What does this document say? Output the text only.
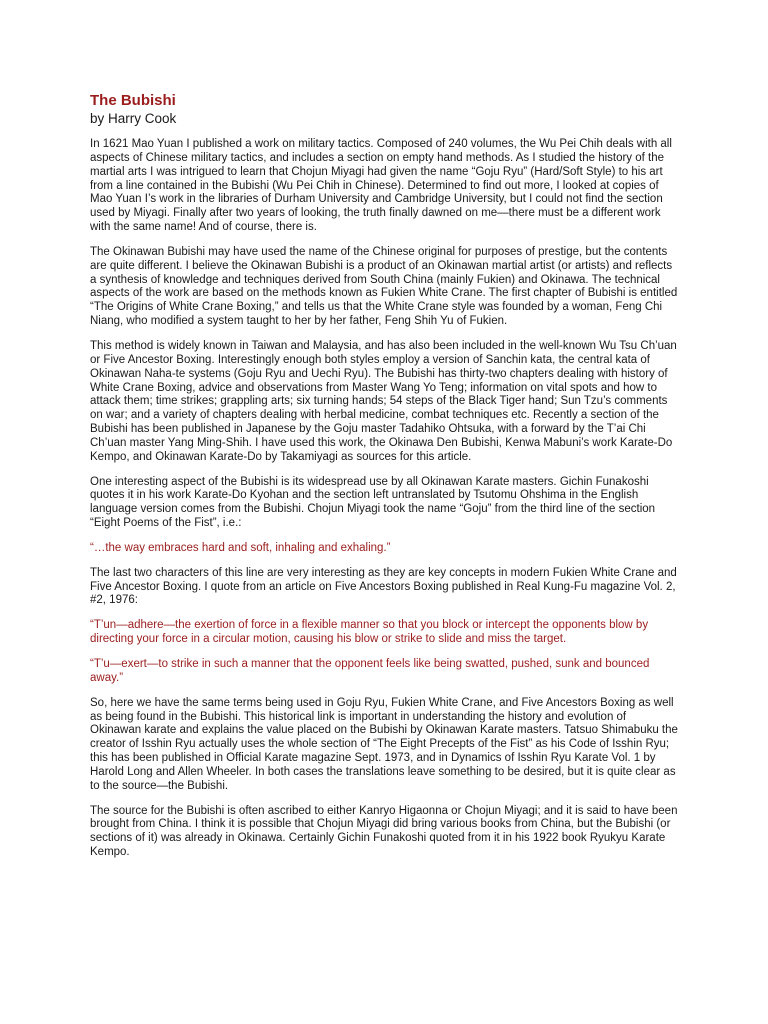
The Bubishi

by Harry Cook

In 1621 Mao Yuan I published a work on military tactics. Composed of 240 volumes, the Wu Pei Chih deals with all aspects of Chinese military tactics, and includes a section on empty hand methods. As I studied the history of the martial arts I was intrigued to learn that Chojun Miyagi had given the name “Goju Ryu” (Hard/Soft Style) to his art from a line contained in the Bubishi (Wu Pei Chih in Chinese). Determined to find out more, I looked at copies of Mao Yuan I’s work in the libraries of Durham University and Cambridge University, but I could not find the section used by Miyagi. Finally after two years of looking, the truth finally dawned on me—there must be a different work with the same name! And of course, there is.

The Okinawan Bubishi may have used the name of the Chinese original for purposes of prestige, but the contents are quite different. I believe the Okinawan Bubishi is a product of an Okinawan martial artist (or artists) and reflects a synthesis of knowledge and techniques derived from South China (mainly Fukien) and Okinawa. The technical aspects of the work are based on the methods known as Fukien White Crane. The first chapter of Bubishi is entitled “The Origins of White Crane Boxing,” and tells us that the White Crane style was founded by a woman, Feng Chi Niang, who modified a system taught to her by her father, Feng Shih Yu of Fukien.

This method is widely known in Taiwan and Malaysia, and has also been included in the well-known Wu Tsu Ch’uan or Five Ancestor Boxing. Interestingly enough both styles employ a version of Sanchin kata, the central kata of Okinawan Naha-te systems (Goju Ryu and Uechi Ryu). The Bubishi has thirty-two chapters dealing with history of White Crane Boxing, advice and observations from Master Wang Yo Teng; information on vital spots and how to attack them; time strikes; grappling arts; six turning hands; 54 steps of the Black Tiger hand; Sun Tzu’s comments on war; and a variety of chapters dealing with herbal medicine, combat techniques etc. Recently a section of the Bubishi has been published in Japanese by the Goju master Tadahiko Ohtsuka, with a forward by the T’ai Chi Ch’uan master Yang Ming-Shih. I have used this work, the Okinawa Den Bubishi, Kenwa Mabuni’s work Karate-Do Kempo, and Okinawan Karate-Do by Takamiyagi as sources for this article.

One interesting aspect of the Bubishi is its widespread use by all Okinawan Karate masters. Gichin Funakoshi quotes it in his work Karate-Do Kyohan and the section left untranslated by Tsutomu Ohshima in the English language version comes from the Bubishi. Chojun Miyagi took the name “Goju” from the third line of the section “Eight Poems of the Fist”, i.e.:

“…the way embraces hard and soft, inhaling and exhaling.”

The last two characters of this line are very interesting as they are key concepts in modern Fukien White Crane and Five Ancestor Boxing. I quote from an article on Five Ancestors Boxing published in Real Kung-Fu magazine Vol. 2, #2, 1976:

“T’un—adhere—the exertion of force in a flexible manner so that you block or intercept the opponents blow by directing your force in a circular motion, causing his blow or strike to slide and miss the target.

“T’u—exert—to strike in such a manner that the opponent feels like being swatted, pushed, sunk and bounced away.”

So, here we have the same terms being used in Goju Ryu, Fukien White Crane, and Five Ancestors Boxing as well as being found in the Bubishi. This historical link is important in understanding the history and evolution of Okinawan karate and explains the value placed on the Bubishi by Okinawan Karate masters. Tatsuo Shimabuku the creator of Isshin Ryu actually uses the whole section of “The Eight Precepts of the Fist” as his Code of Isshin Ryu; this has been published in Official Karate magazine Sept. 1973, and in Dynamics of Isshin Ryu Karate Vol. 1 by Harold Long and Allen Wheeler. In both cases the translations leave something to be desired, but it is quite clear as to the source—the Bubishi.

The source for the Bubishi is often ascribed to either Kanryo Higaonna or Chojun Miyagi; and it is said to have been brought from China. I think it is possible that Chojun Miyagi did bring various books from China, but the Bubishi (or sections of it) was already in Okinawa. Certainly Gichin Funakoshi quoted from it in his 1922 book Ryukyu Karate Kempo.
